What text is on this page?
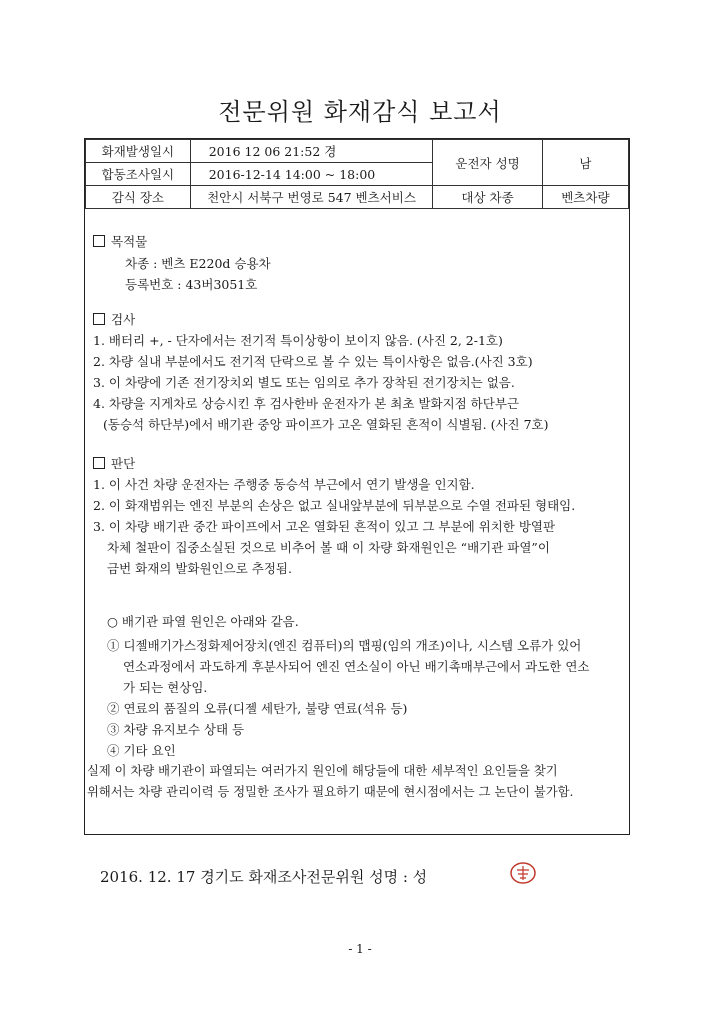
전문위원 화재감식 보고서
화재발생일시	2016 12 06 21:52 경	운전자 성명	남
합동조사일시	2016-12-14 14:00 ~ 18:00		
감식 장소	천안시 서북구 번영로 547 벤츠서비스	대상 차종	벤츠차량
목적물
차종 : 벤츠 E220d 승용차
등록번호 : 43버3051호
검사
1. 배터리 +, - 단자에서는 전기적 특이상항이 보이지 않음. (사진 2, 2-1호)
2. 차량 실내 부분에서도 전기적 단락으로 볼 수 있는 특이사항은 없음.(사진 3호)
3. 이 차량에 기존 전기장치외 별도 또는 임의로 추가 장착된 전기장치는 없음.
4. 차량을 지게차로 상승시킨 후 검사한바 운전자가 본 최초 발화지점 하단부근
(동승석 하단부)에서 배기관 중앙 파이프가 고온 열화된 흔적이 식별됨. (사진 7호)
판단
1. 이 사건 차량 운전자는 주행중 동승석 부근에서 연기 발생을 인지함.
2. 이 화재범위는 엔진 부분의 손상은 없고 실내앞부분에 뒤부분으로 수열 전파된 형태임.
3. 이 차량 배기관 중간 파이프에서 고온 열화된 흔적이 있고 그 부분에 위치한 방열판
차체 철판이 집중소실된 것으로 비추어 볼 때 이 차량 화재원인은 “배기관 파열”이
금번 화재의 발화원인으로 추정됨.
○ 배기관 파열 원인은 아래와 같음.
① 디젤배기가스정화제어장치(엔진 컴퓨터)의 맵핑(임의 개조)이나, 시스템 오류가 있어
연소과정에서 과도하게 후분사되어 엔진 연소실이 아닌 배기촉매부근에서 과도한 연소
가 되는 현상임.
② 연료의 품질의 오류(디젤 세탄가, 불량 연료(석유 등)
③ 차량 유지보수 상태 등
④ 기타 요인
실제 이 차량 배기관이 파열되는 여러가지 원인에 해당들에 대한 세부적인 요인들을 찾기
위해서는 차량 관리이력 등 정밀한 조사가 필요하기 때문에 현시점에서는 그 논단이 불가함.
2016. 12. 17 경기도 화재조사전문위원 성명 : 성
- 1 -
